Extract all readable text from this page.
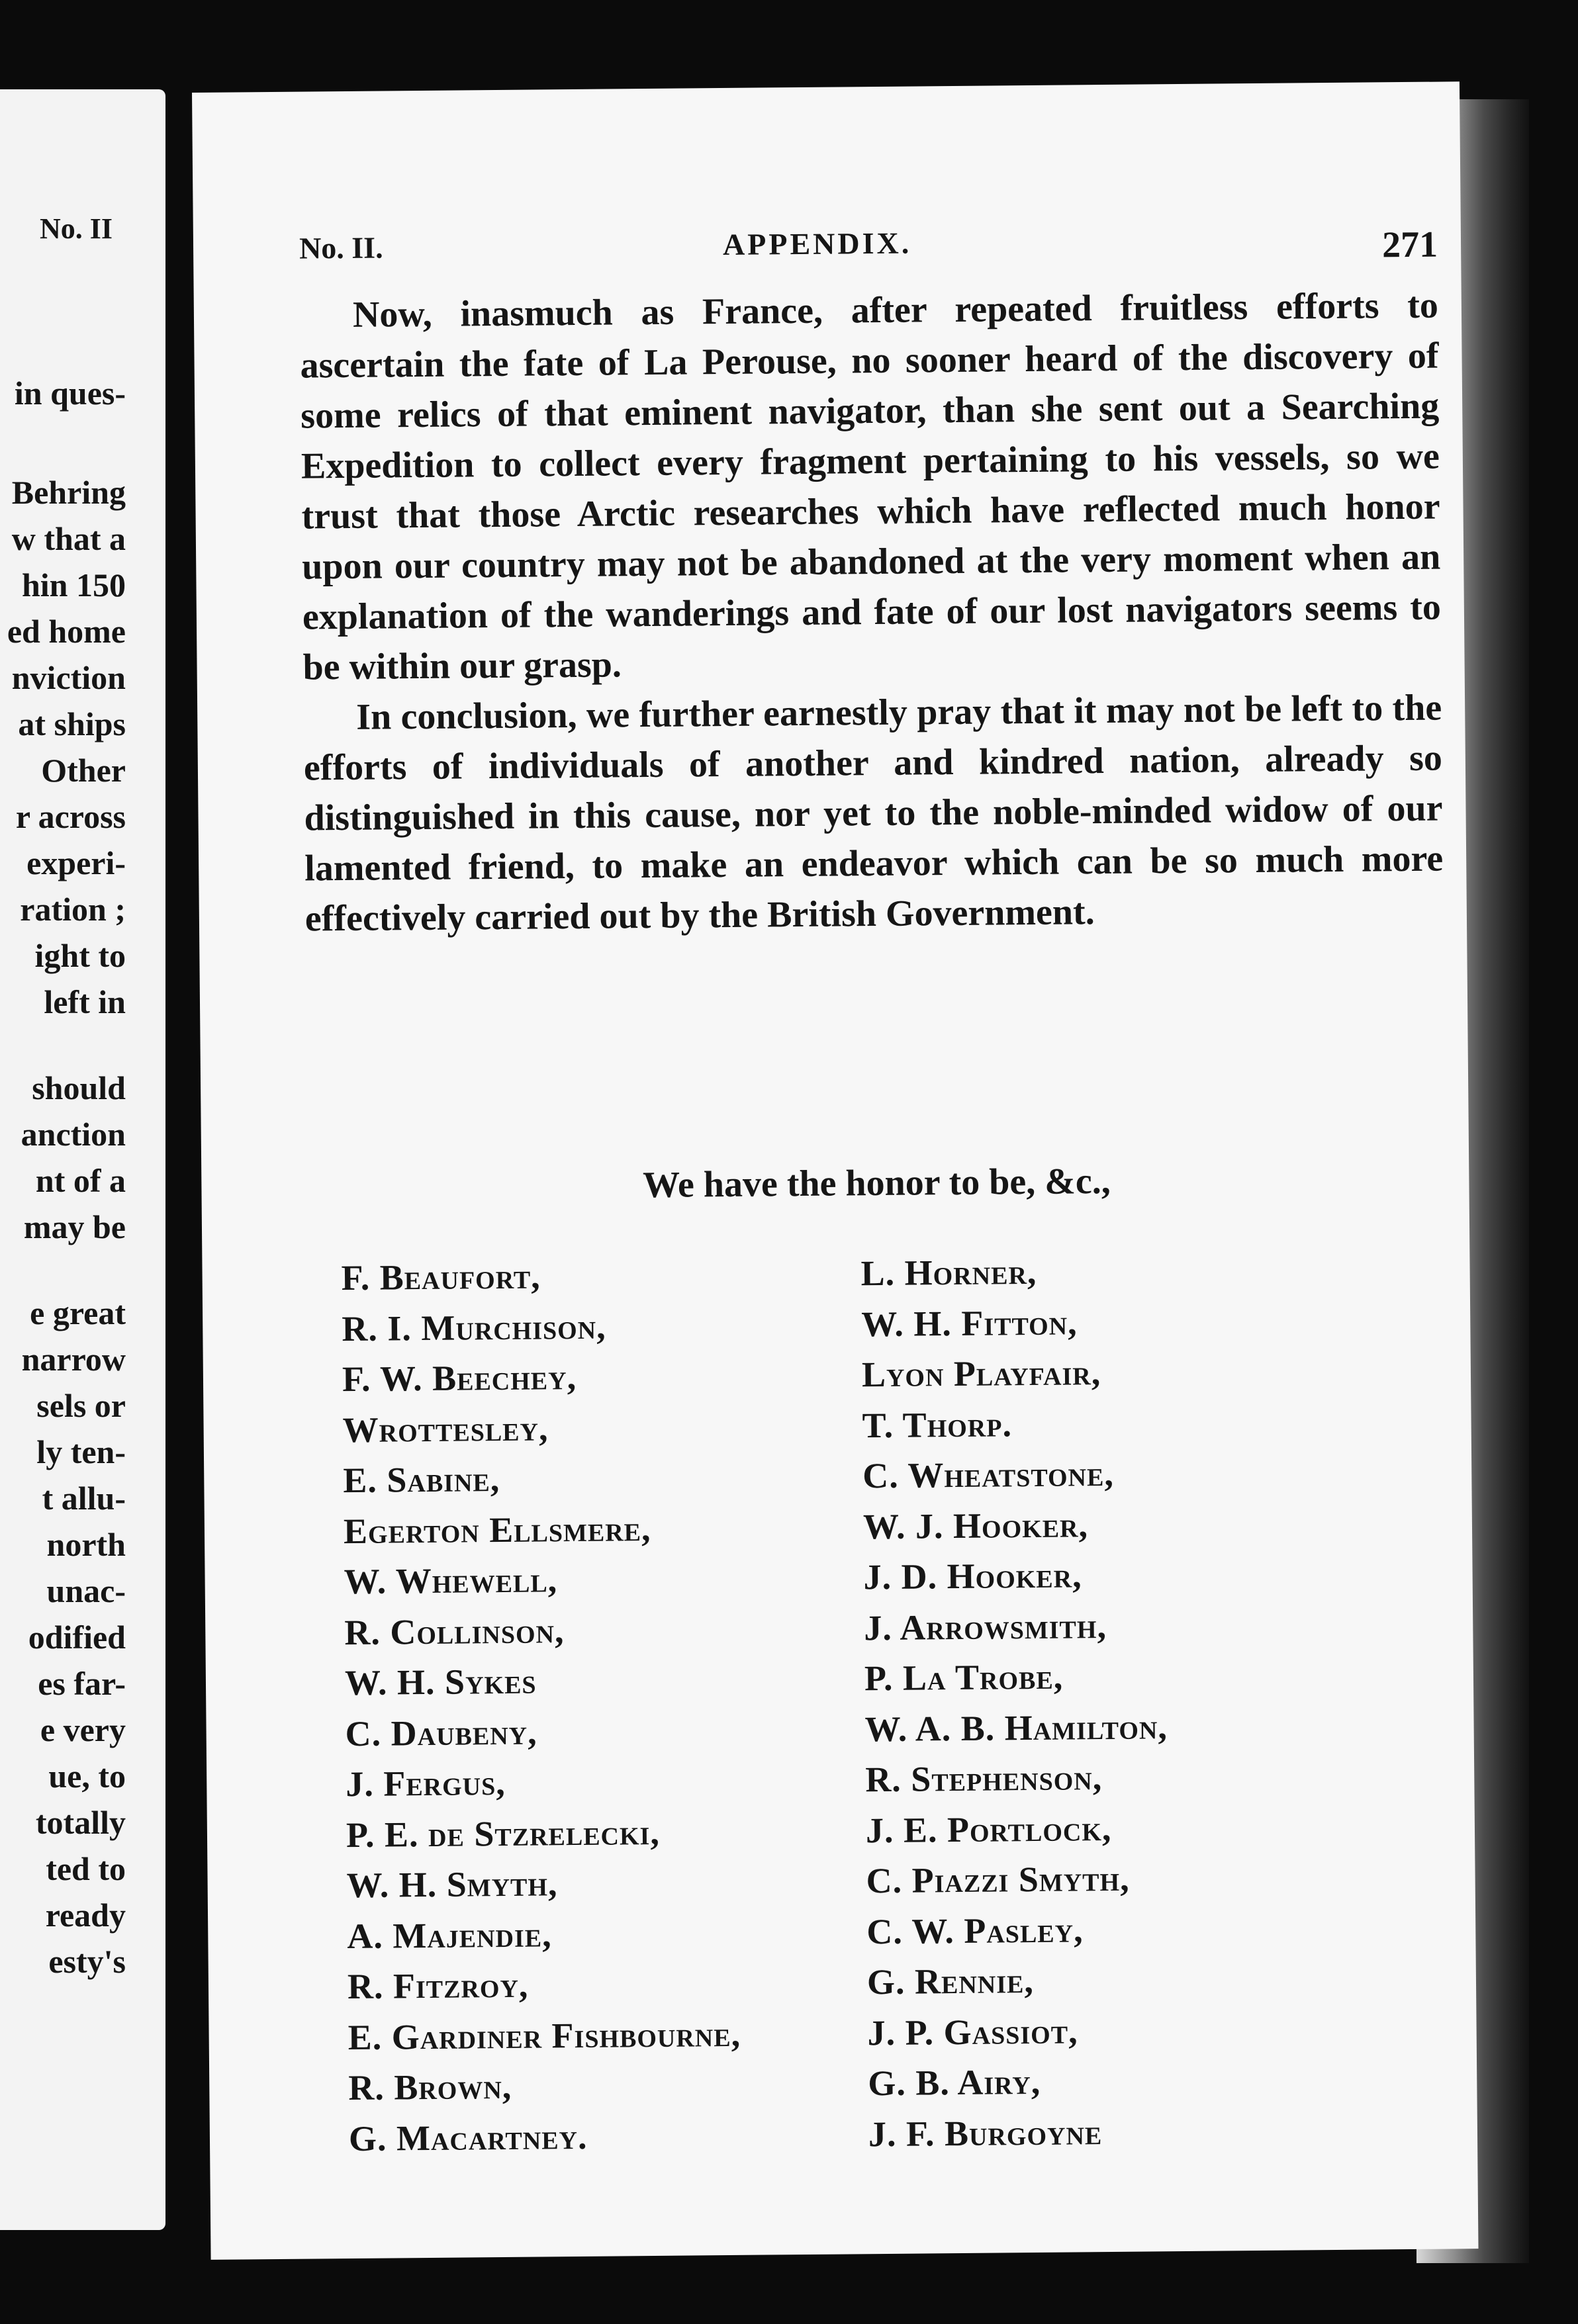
No. II
in ques-
Behring
w that a
hin 150
ed home
nviction
at ships
Other
r across
experi-
ration ;
ight to
left in
should
anction
nt of a
may be
e great
narrow
sels or
ly ten-
t allu-
north
unac-
odified
es far-
e very
ue, to
totally
ted to
ready
esty's
No. II.	APPENDIX.	271

Now, inasmuch as France, after repeated fruitless efforts to ascertain the fate of La Perouse, no sooner heard of the discovery of some relics of that eminent navigator, than she sent out a Searching Expedition to collect every fragment pertaining to his vessels, so we trust that those Arctic researches which have reflected much honor upon our country may not be abandoned at the very moment when an explanation of the wanderings and fate of our lost navigators seems to be within our grasp.

In conclusion, we further earnestly pray that it may not be left to the efforts of individuals of another and kindred nation, already so distinguished in this cause, nor yet to the noble-minded widow of our lamented friend, to make an endeavor which can be so much more effectively carried out by the British Government.

We have the honor to be, &c.,
F. Beaufort,
R. I. Murchison,
F. W. Beechey,
Wrottesley,
E. Sabine,
Egerton Ellsmere,
W. Whewell,
R. Collinson,
W. H. Sykes
C. Daubeny,
J. Fergus,
P. E. de Stzrelecki,
W. H. Smyth,
A. Majendie,
R. Fitzroy,
E. Gardiner Fishbourne,
R. Brown,
G. Macartney.
L. Horner,
W. H. Fitton,
Lyon Playfair,
T. Thorp.
C. Wheatstone,
W. J. Hooker,
J. D. Hooker,
J. Arrowsmith,
P. La Trobe,
W. A. B. Hamilton,
R. Stephenson,
J. E. Portlock,
C. Piazzi Smyth,
C. W. Pasley,
G. Rennie,
J. P. Gassiot,
G. B. Airy,
J. F. Burgoyne
